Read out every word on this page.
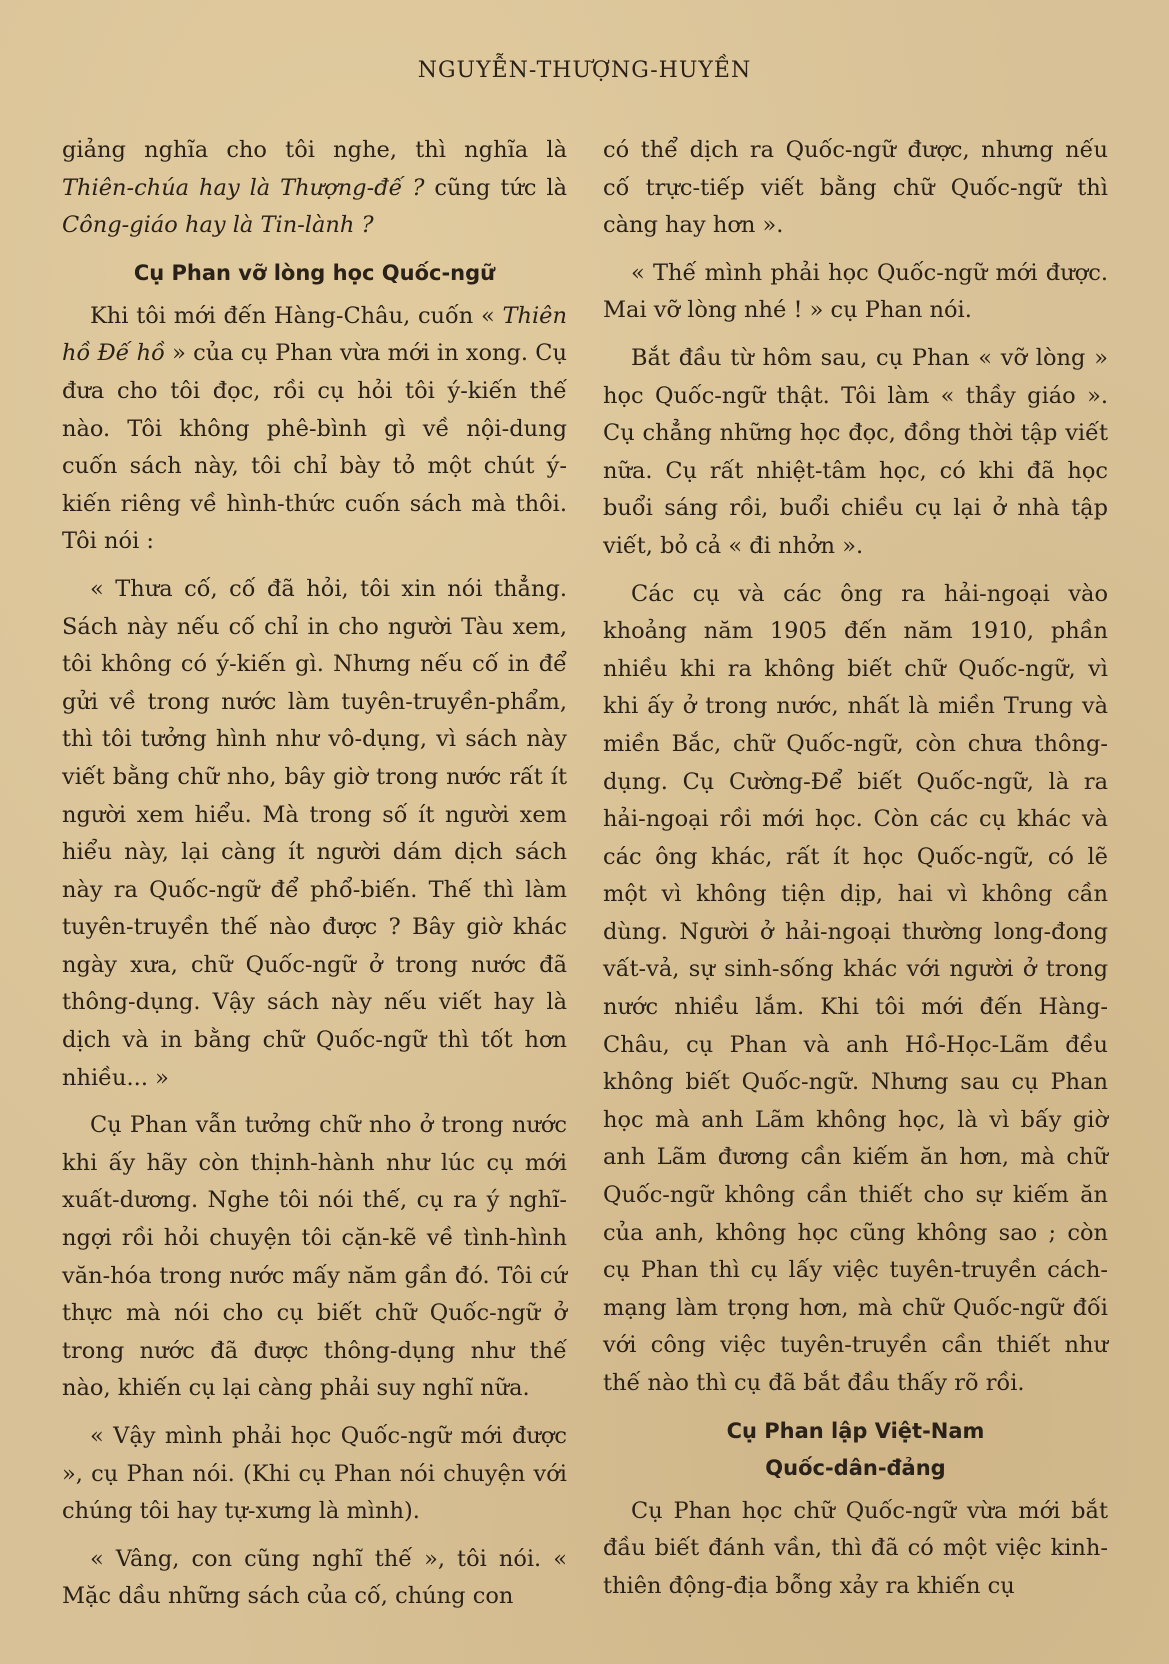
NGUYỄN-THƯỢNG-HUYỀN

giảng nghĩa cho tôi nghe, thì nghĩa là Thiên-chúa hay là Thượng-đế ? cũng tức là Công-giáo hay là Tin-lành ?

Cụ Phan vỡ lòng học Quốc-ngữ

Khi tôi mới đến Hàng-Châu, cuốn « Thiên hồ Đế hồ » của cụ Phan vừa mới in xong. Cụ đưa cho tôi đọc, rồi cụ hỏi tôi ý-kiến thế nào. Tôi không phê-bình gì về nội-dung cuốn sách này, tôi chỉ bày tỏ một chút ý-kiến riêng về hình-thức cuốn sách mà thôi. Tôi nói :

« Thưa cố, cố đã hỏi, tôi xin nói thẳng. Sách này nếu cố chỉ in cho người Tàu xem, tôi không có ý-kiến gì. Nhưng nếu cố in để gửi về trong nước làm tuyên-truyền-phẩm, thì tôi tưởng hình như vô-dụng, vì sách này viết bằng chữ nho, bây giờ trong nước rất ít người xem hiểu. Mà trong số ít người xem hiểu này, lại càng ít người dám dịch sách này ra Quốc-ngữ để phổ-biến. Thế thì làm tuyên-truyền thế nào được ? Bây giờ khác ngày xưa, chữ Quốc-ngữ ở trong nước đã thông-dụng. Vậy sách này nếu viết hay là dịch và in bằng chữ Quốc-ngữ thì tốt hơn nhiều... »

Cụ Phan vẫn tưởng chữ nho ở trong nước khi ấy hãy còn thịnh-hành như lúc cụ mới xuất-dương. Nghe tôi nói thế, cụ ra ý nghĩ-ngợi rồi hỏi chuyện tôi cặn-kẽ về tình-hình văn-hóa trong nước mấy năm gần đó. Tôi cứ thực mà nói cho cụ biết chữ Quốc-ngữ ở trong nước đã được thông-dụng như thế nào, khiến cụ lại càng phải suy nghĩ nữa.

« Vậy mình phải học Quốc-ngữ mới được », cụ Phan nói. (Khi cụ Phan nói chuyện với chúng tôi hay tự-xưng là mình).

« Vâng, con cũng nghĩ thế », tôi nói. « Mặc dầu những sách của cố, chúng con

có thể dịch ra Quốc-ngữ được, nhưng nếu cố trực-tiếp viết bằng chữ Quốc-ngữ thì càng hay hơn ».

« Thế mình phải học Quốc-ngữ mới được. Mai vỡ lòng nhé ! » cụ Phan nói.

Bắt đầu từ hôm sau, cụ Phan « vỡ lòng » học Quốc-ngữ thật. Tôi làm « thầy giáo ». Cụ chẳng những học đọc, đồng thời tập viết nữa. Cụ rất nhiệt-tâm học, có khi đã học buổi sáng rồi, buổi chiều cụ lại ở nhà tập viết, bỏ cả « đi nhởn ».

Các cụ và các ông ra hải-ngoại vào khoảng năm 1905 đến năm 1910, phần nhiều khi ra không biết chữ Quốc-ngữ, vì khi ấy ở trong nước, nhất là miền Trung và miền Bắc, chữ Quốc-ngữ, còn chưa thông-dụng. Cụ Cường-Để biết Quốc-ngữ, là ra hải-ngoại rồi mới học. Còn các cụ khác và các ông khác, rất ít học Quốc-ngữ, có lẽ một vì không tiện dịp, hai vì không cần dùng. Người ở hải-ngoại thường long-đong vất-vả, sự sinh-sống khác với người ở trong nước nhiều lắm. Khi tôi mới đến Hàng-Châu, cụ Phan và anh Hồ-Học-Lãm đều không biết Quốc-ngữ. Nhưng sau cụ Phan học mà anh Lãm không học, là vì bấy giờ anh Lãm đương cần kiếm ăn hơn, mà chữ Quốc-ngữ không cần thiết cho sự kiếm ăn của anh, không học cũng không sao ; còn cụ Phan thì cụ lấy việc tuyên-truyền cách-mạng làm trọng hơn, mà chữ Quốc-ngữ đối với công việc tuyên-truyền cần thiết như thế nào thì cụ đã bắt đầu thấy rõ rồi.

Cụ Phan lập Việt-Nam
Quốc-dân-đảng

Cụ Phan học chữ Quốc-ngữ vừa mới bắt đầu biết đánh vần, thì đã có một việc kinh-thiên động-địa bỗng xảy ra khiến cụ
